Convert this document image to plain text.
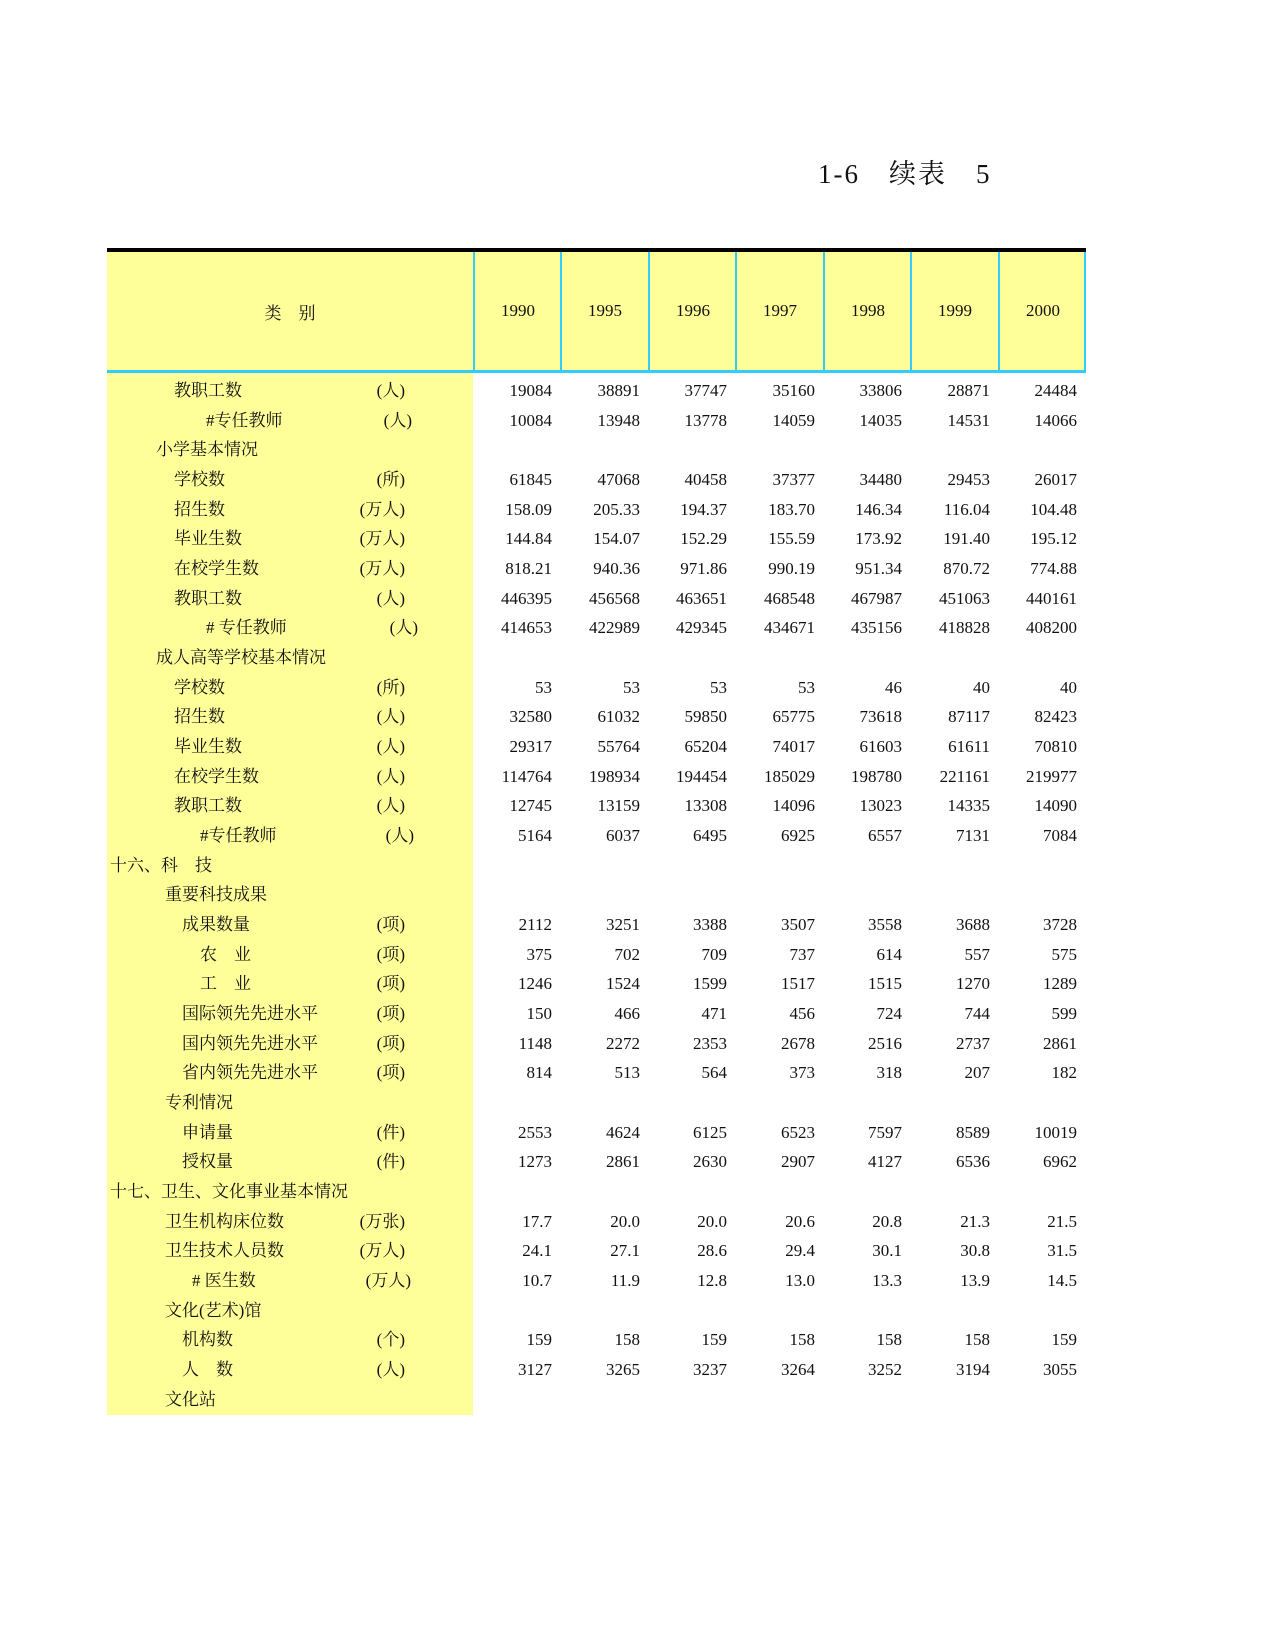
1-6　续表　5
类　别	1990	1995	1996	1997	1998	1999	2000
教职工数	(人)	19084	38891	37747	35160	33806	28871	24484
#专任教师	(人)	10084	13948	13778	14059	14035	14531	14066
小学基本情况
学校数	(所)	61845	47068	40458	37377	34480	29453	26017
招生数	(万人)	158.09	205.33	194.37	183.70	146.34	116.04	104.48
毕业生数	(万人)	144.84	154.07	152.29	155.59	173.92	191.40	195.12
在校学生数	(万人)	818.21	940.36	971.86	990.19	951.34	870.72	774.88
教职工数	(人)	446395	456568	463651	468548	467987	451063	440161
# 专任教师	(人)	414653	422989	429345	434671	435156	418828	408200
成人高等学校基本情况
学校数	(所)	53	53	53	53	46	40	40
招生数	(人)	32580	61032	59850	65775	73618	87117	82423
毕业生数	(人)	29317	55764	65204	74017	61603	61611	70810
在校学生数	(人)	114764	198934	194454	185029	198780	221161	219977
教职工数	(人)	12745	13159	13308	14096	13023	14335	14090
#专任教师	(人)	5164	6037	6495	6925	6557	7131	7084
十六、科　技
重要科技成果
成果数量	(项)	2112	3251	3388	3507	3558	3688	3728
农　业	(项)	375	702	709	737	614	557	575
工　业	(项)	1246	1524	1599	1517	1515	1270	1289
国际领先先进水平	(项)	150	466	471	456	724	744	599
国内领先先进水平	(项)	1148	2272	2353	2678	2516	2737	2861
省内领先先进水平	(项)	814	513	564	373	318	207	182
专利情况
申请量	(件)	2553	4624	6125	6523	7597	8589	10019
授权量	(件)	1273	2861	2630	2907	4127	6536	6962
十七、卫生、文化事业基本情况
卫生机构床位数	(万张)	17.7	20.0	20.0	20.6	20.8	21.3	21.5
卫生技术人员数	(万人)	24.1	27.1	28.6	29.4	30.1	30.8	31.5
# 医生数	(万人)	10.7	11.9	12.8	13.0	13.3	13.9	14.5
文化(艺术)馆
机构数	(个)	159	158	159	158	158	158	159
人　数	(人)	3127	3265	3237	3264	3252	3194	3055
文化站
